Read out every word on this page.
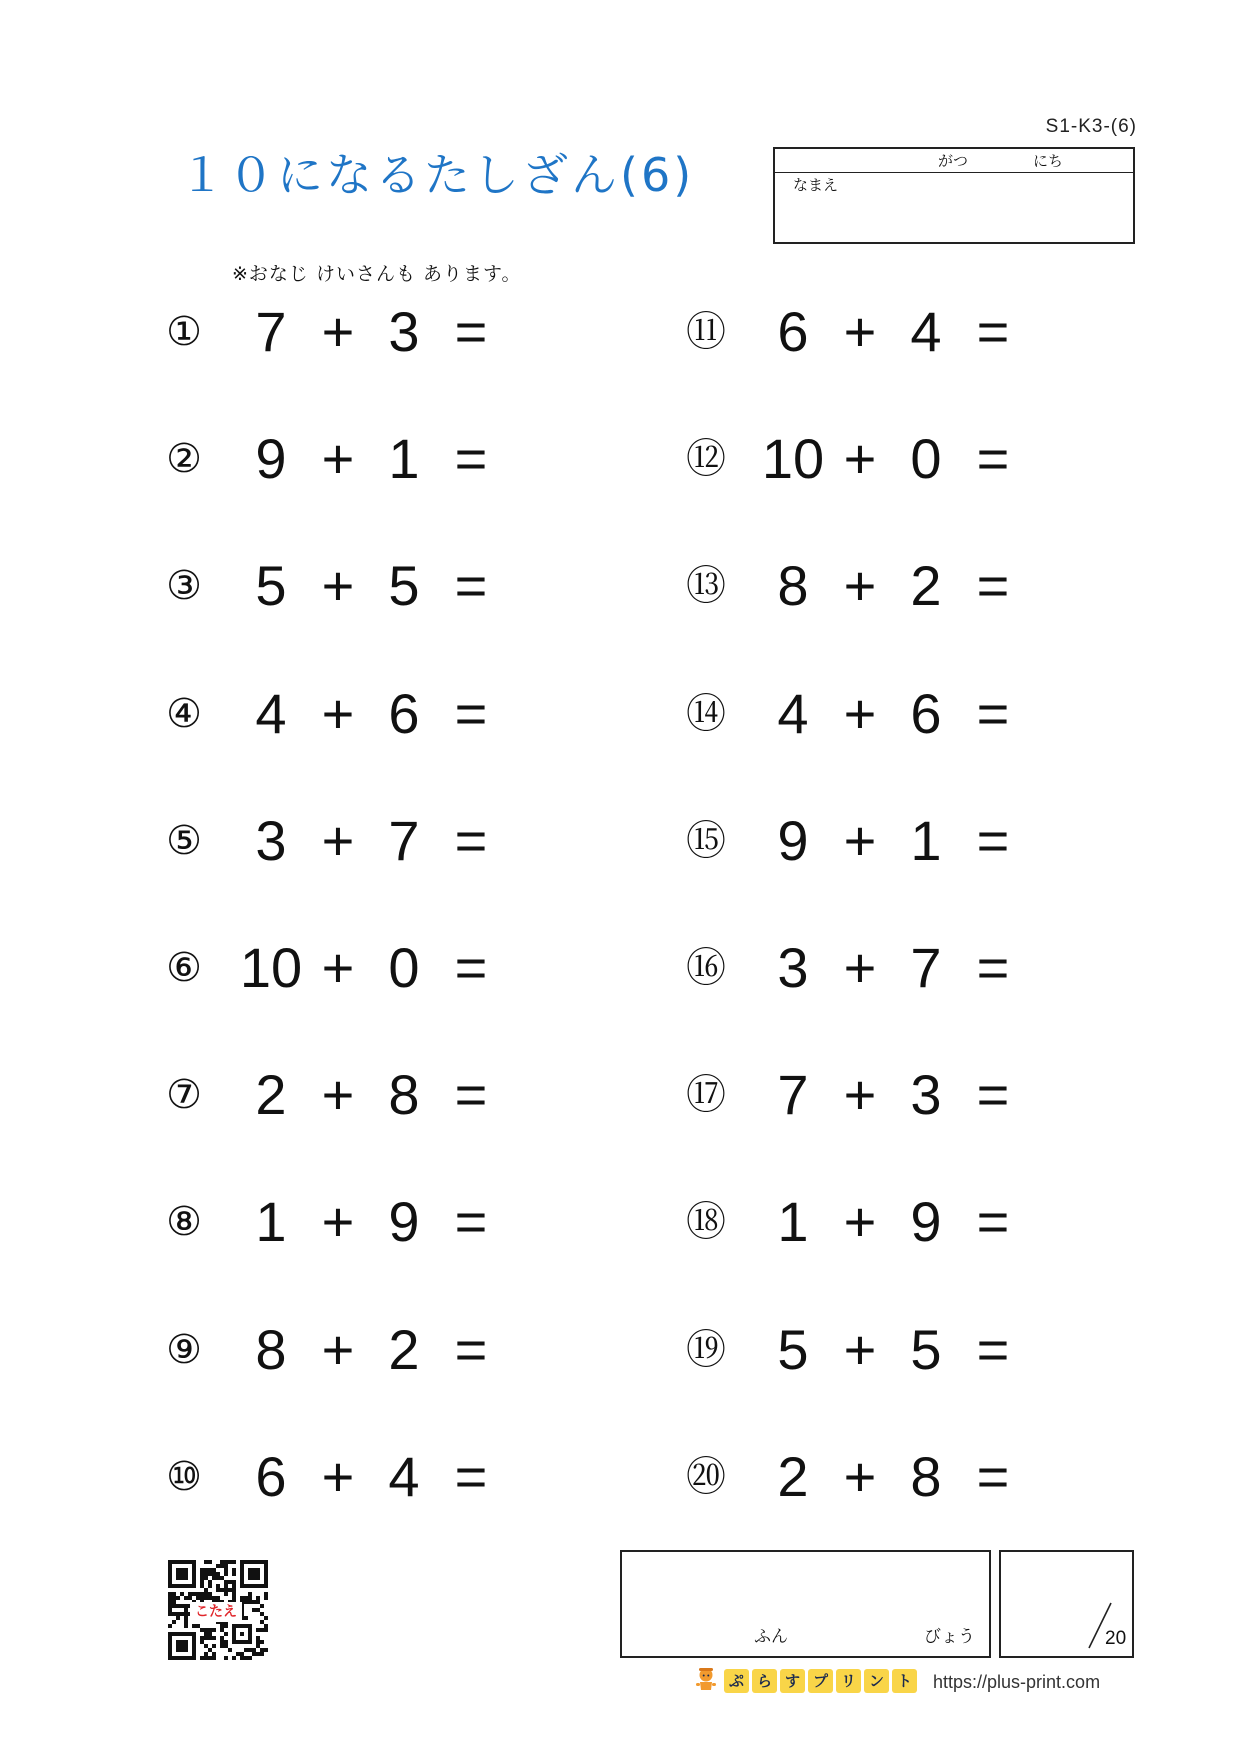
S1-K3-(6)
１０になるたしざん(6)	がつ	にち
なまえ
※おなじ けいさんも あります。
① 7 + 3 =
② 9 + 1 =
③ 5 + 5 =
④ 4 + 6 =
⑤ 3 + 7 =
⑥ 10 + 0 =
⑦ 2 + 8 =
⑧ 1 + 9 =
⑨ 8 + 2 =
⑩ 6 + 4 =
⑪ 6 + 4 =
⑫ 10 + 0 =
⑬ 8 + 2 =
⑭ 4 + 6 =
⑮ 9 + 1 =
⑯ 3 + 7 =
⑰ 7 + 3 =
⑱ 1 + 9 =
⑲ 5 + 5 =
⑳ 2 + 8 =
こたえ
ふん	びょう	20
ぷ ら す プ リ ン ト https://plus-print.com
